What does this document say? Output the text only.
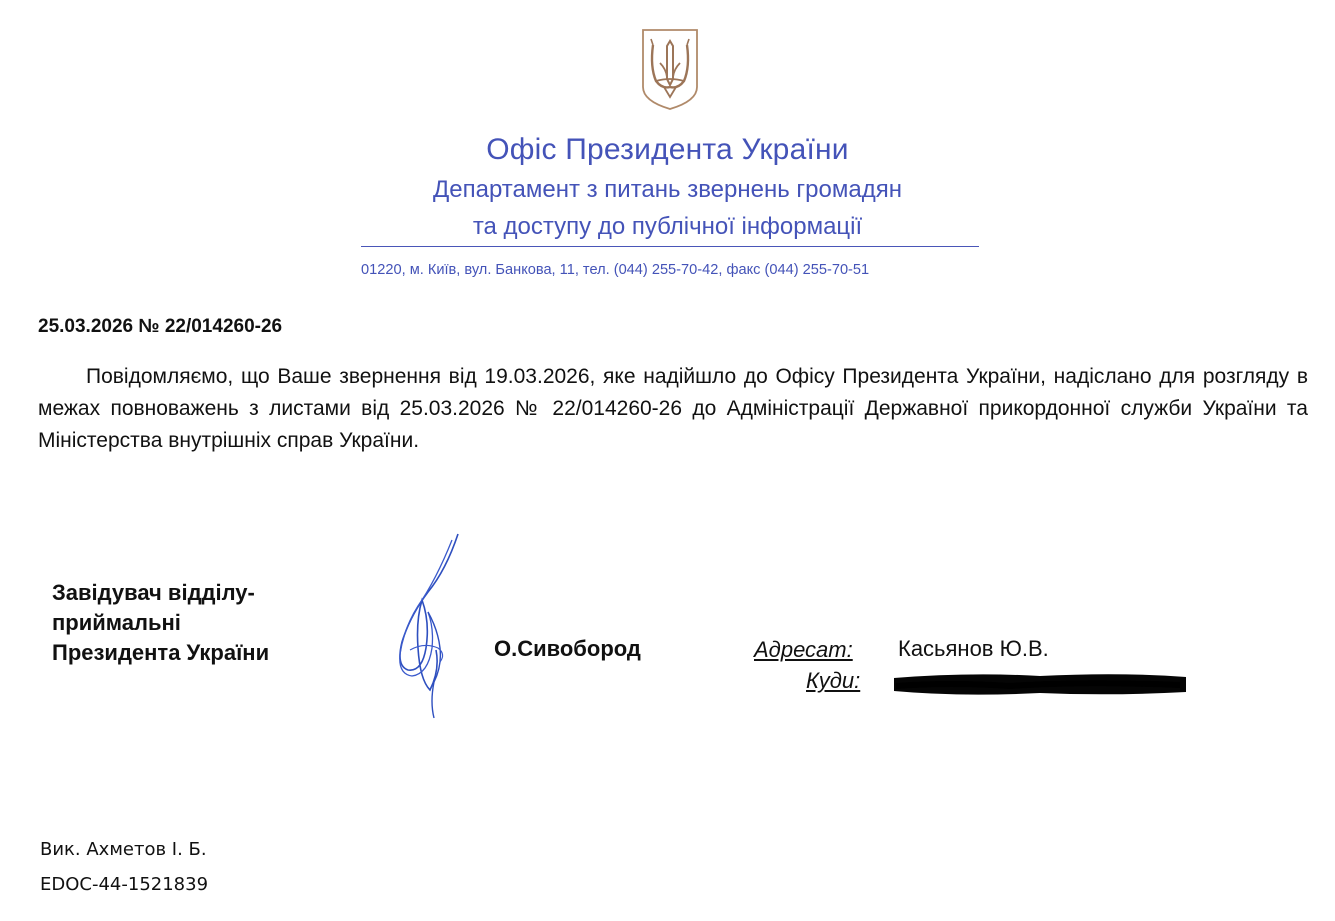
Офіс Президента України
Департамент з питань звернень громадян
та доступу до публічної інформації
01220, м. Київ, вул. Банкова, 11, тел. (044) 255-70-42, факс (044) 255-70-51
25.03.2026 № 22/014260-26
Повідомляємо, що Ваше звернення від 19.03.2026, яке надійшло до Офісу Президента України, надіслано для розгляду в межах повноважень з листами від 25.03.2026 № 22/014260-26 до Адміністрації Державної прикордонної служби України та Міністерства внутрішніх справ України.
Завідувач відділу-
приймальні
Президента України	О.Сивобород	Адресат: Касьянов Ю.В.
Куди:
Вик. Ахметов І. Б.
EDOC-44-1521839
